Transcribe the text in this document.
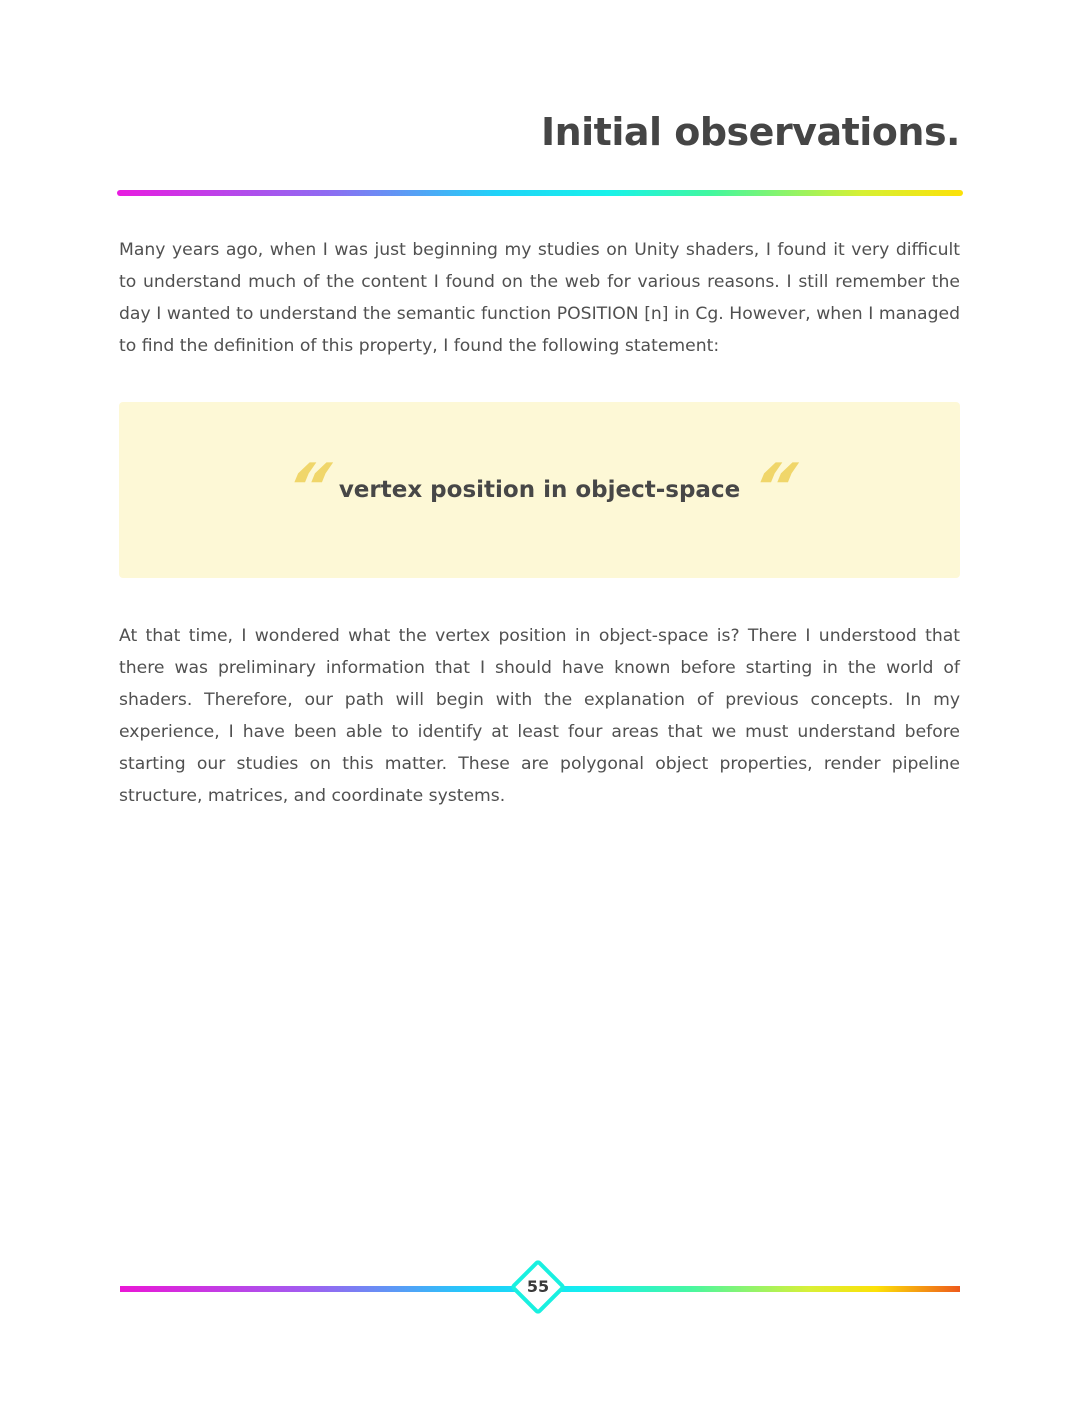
Initial observations.

Many years ago, when I was just beginning my studies on Unity shaders, I found it very difficult to understand much of the content I found on the web for various reasons. I still remember the day I wanted to understand the semantic function POSITION [n] in Cg. However, when I managed to find the definition of this property, I found the following statement:

“ vertex position in object-space “

At that time, I wondered what the vertex position in object-space is? There I understood that there was preliminary information that I should have known before starting in the world of shaders. Therefore, our path will begin with the explanation of previous concepts. In my experience, I have been able to identify at least four areas that we must understand before starting our studies on this matter. These are polygonal object properties, render pipeline structure, matrices, and coordinate systems.

55
